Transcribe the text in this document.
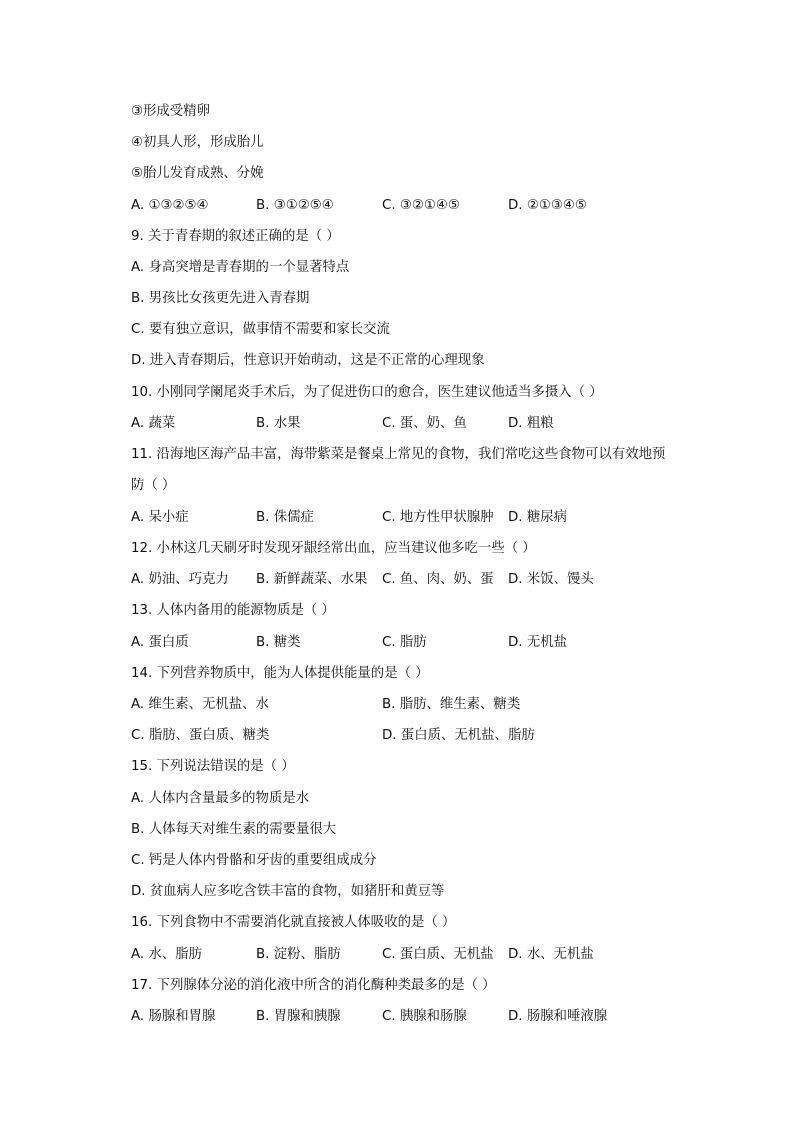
③形成受精卵
④初具人形，形成胎儿
⑤胎儿发育成熟、分娩
A. ①③②⑤④	B. ③①②⑤④	C. ③②①④⑤	D. ②①③④⑤
9. 关于青春期的叙述正确的是（ ）
A. 身高突增是青春期的一个显著特点
B. 男孩比女孩更先进入青春期
C. 要有独立意识，做事情不需要和家长交流
D. 进入青春期后，性意识开始萌动，这是不正常的心理现象
10. 小刚同学阑尾炎手术后，为了促进伤口的愈合，医生建议他适当多摄入（ ）
A. 蔬菜	B. 水果	C. 蛋、奶、鱼	D. 粗粮
11. 沿海地区海产品丰富，海带紫菜是餐桌上常见的食物，我们常吃这些食物可以有效地预
防（ ）
A. 呆小症	B. 侏儒症	C. 地方性甲状腺肿 D. 糖尿病
12. 小林这几天刷牙时发现牙龈经常出血，应当建议他多吃一些（ ）
A. 奶油、巧克力 B. 新鲜蔬菜、水果 C. 鱼、肉、奶、蛋 D. 米饭、馒头
13. 人体内备用的能源物质是（ ）
A. 蛋白质	B. 糖类	C. 脂肪	D. 无机盐
14. 下列营养物质中，能为人体提供能量的是（ ）
A. 维生素、无机盐、水	B. 脂肪、维生素、糖类
C. 脂肪、蛋白质、糖类	D. 蛋白质、无机盐、脂肪
15. 下列说法错误的是（ ）
A. 人体内含量最多的物质是水
B. 人体每天对维生素的需要量很大
C. 钙是人体内骨骼和牙齿的重要组成成分
D. 贫血病人应多吃含铁丰富的食物，如猪肝和黄豆等
16. 下列食物中不需要消化就直接被人体吸收的是（ ）
A. 水、脂肪	B. 淀粉、脂肪	C. 蛋白质、无机盐 D. 水、无机盐
17. 下列腺体分泌的消化液中所含的消化酶种类最多的是（ ）
A. 肠腺和胃腺	B. 胃腺和胰腺	C. 胰腺和肠腺	D. 肠腺和唾液腺
